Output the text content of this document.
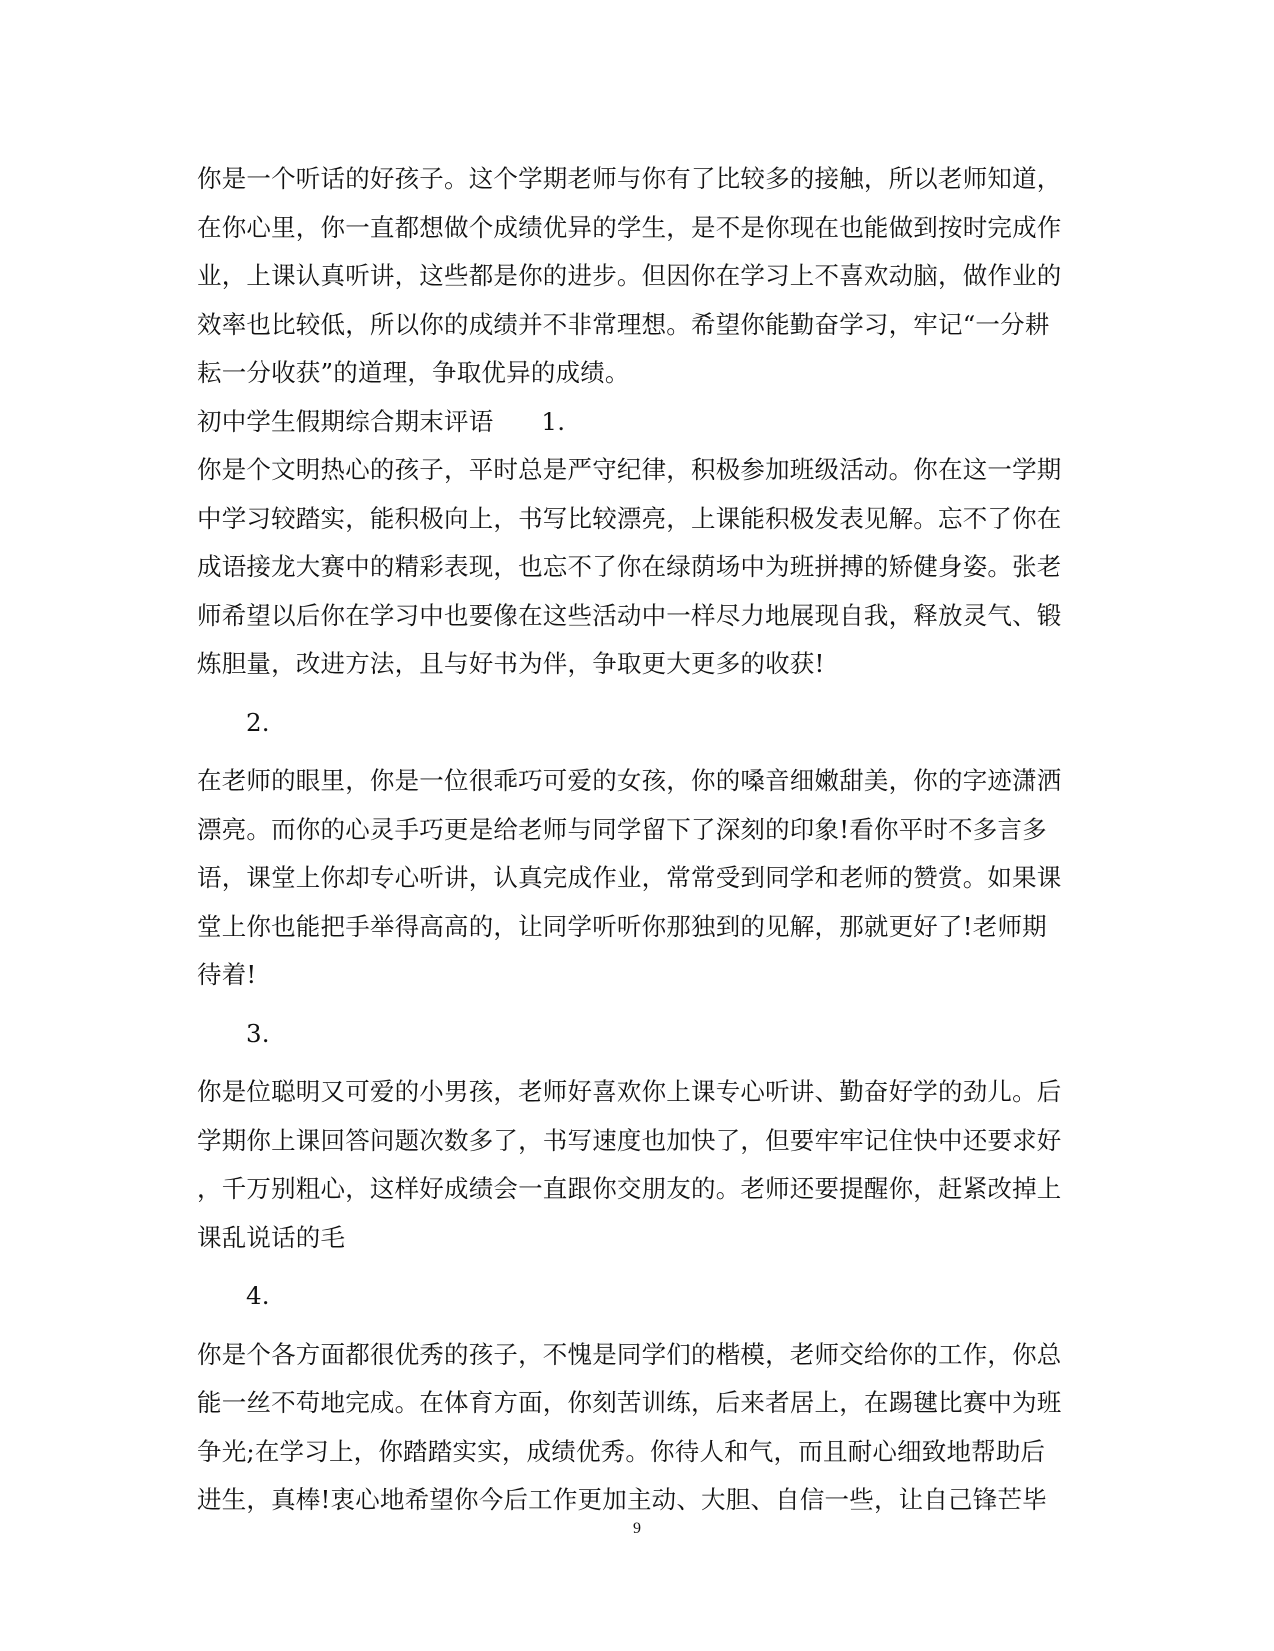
你是一个听话的好孩子。这个学期老师与你有了比较多的接触，所以老师知道，
在你心里，你一直都想做个成绩优异的学生，是不是你现在也能做到按时完成作
业，上课认真听讲，这些都是你的进步。但因你在学习上不喜欢动脑，做作业的
效率也比较低，所以你的成绩并不非常理想。希望你能勤奋学习，牢记“一分耕
耘一分收获”的道理，争取优异的成绩。
初中学生假期综合期末评语 1.
你是个文明热心的孩子，平时总是严守纪律，积极参加班级活动。你在这一学期
中学习较踏实，能积极向上，书写比较漂亮，上课能积极发表见解。忘不了你在
成语接龙大赛中的精彩表现，也忘不了你在绿荫场中为班拼搏的矫健身姿。张老
师希望以后你在学习中也要像在这些活动中一样尽力地展现自我，释放灵气、锻
炼胆量，改进方法，且与好书为伴，争取更大更多的收获!
2.
在老师的眼里，你是一位很乖巧可爱的女孩，你的嗓音细嫩甜美，你的字迹潇洒
漂亮。而你的心灵手巧更是给老师与同学留下了深刻的印象!看你平时不多言多
语，课堂上你却专心听讲，认真完成作业，常常受到同学和老师的赞赏。如果课
堂上你也能把手举得高高的，让同学听听你那独到的见解，那就更好了!老师期
待着!
3.
你是位聪明又可爱的小男孩，老师好喜欢你上课专心听讲、勤奋好学的劲儿。后
学期你上课回答问题次数多了，书写速度也加快了，但要牢牢记住快中还要求好
，千万别粗心，这样好成绩会一直跟你交朋友的。老师还要提醒你，赶紧改掉上
课乱说话的毛
4.
你是个各方面都很优秀的孩子，不愧是同学们的楷模，老师交给你的工作，你总
能一丝不苟地完成。在体育方面，你刻苦训练，后来者居上，在踢毽比赛中为班
争光;在学习上，你踏踏实实，成绩优秀。你待人和气，而且耐心细致地帮助后
进生，真棒!衷心地希望你今后工作更加主动、大胆、自信一些，让自己锋芒毕
9
